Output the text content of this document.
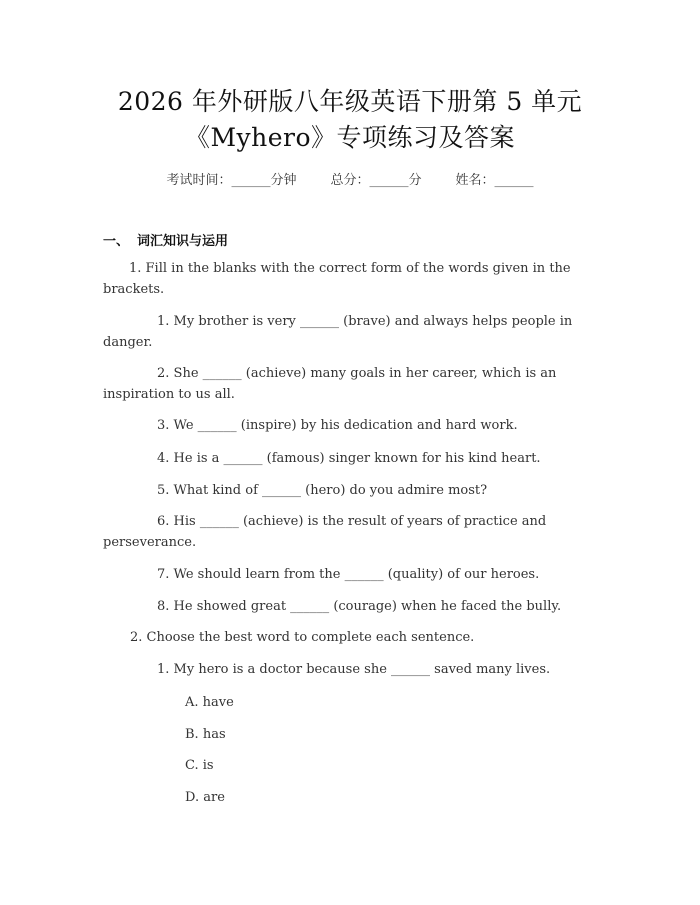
2026 年外研版八年级英语下册第 5 单元
《Myhero》专项练习及答案
考试时间：______分钟	总分：______分	姓名：______
一、 词汇知识与运用
1. Fill in the blanks with the correct form of the words given in the brackets.
1. My brother is very ______ (brave) and always helps people in danger.
2. She ______ (achieve) many goals in her career, which is an inspiration to us all.
3. We ______ (inspire) by his dedication and hard work.
4. He is a ______ (famous) singer known for his kind heart.
5. What kind of ______ (hero) do you admire most?
6. His ______ (achieve) is the result of years of practice and perseverance.
7. We should learn from the ______ (quality) of our heroes.
8. He showed great ______ (courage) when he faced the bully.
2. Choose the best word to complete each sentence.
1. My hero is a doctor because she ______ saved many lives.
A. have
B. has
C. is
D. are
